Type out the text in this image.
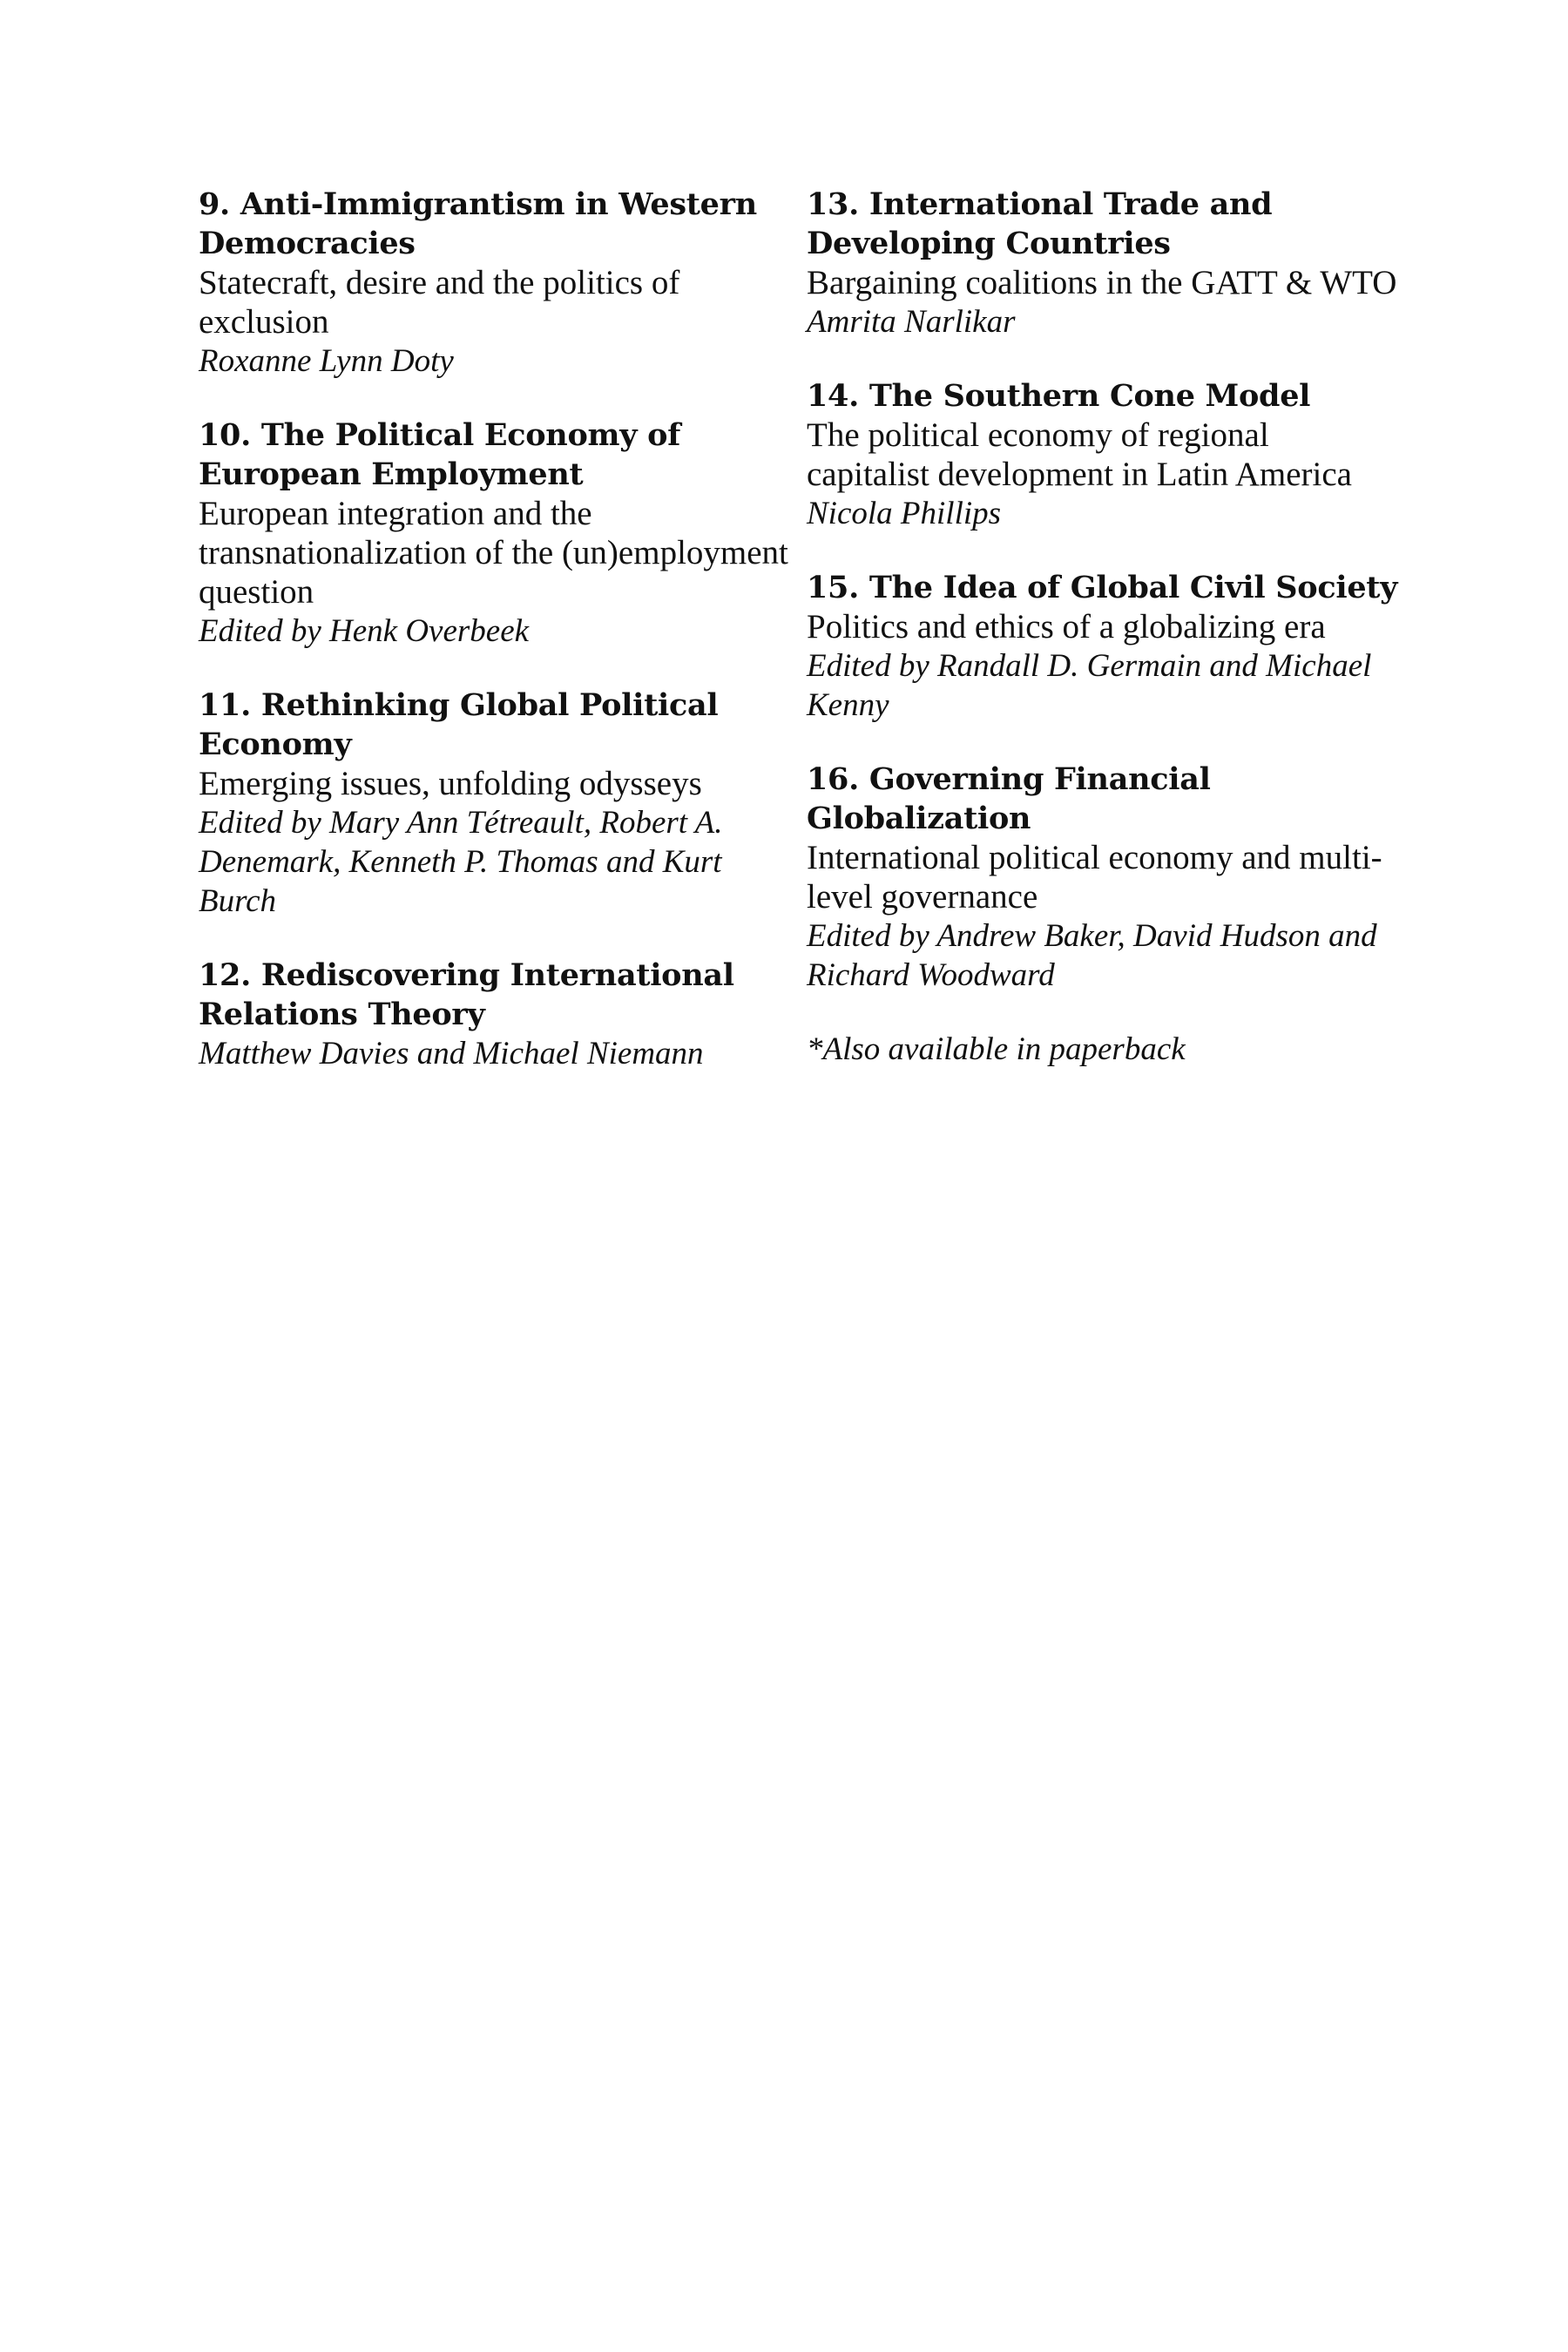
9. Anti-Immigrantism in Western Democracies

Statecraft, desire and the politics of exclusion

Roxanne Lynn Doty

10. The Political Economy of European Employment

European integration and the transnationalization of the (un)employment question

Edited by Henk Overbeek

11. Rethinking Global Political Economy

Emerging issues, unfolding odysseys

Edited by Mary Ann Tétreault, Robert A. Denemark, Kenneth P. Thomas and Kurt Burch

12. Rediscovering International Relations Theory

Matthew Davies and Michael Niemann

13. International Trade and Developing Countries

Bargaining coalitions in the GATT & WTO

Amrita Narlikar

14. The Southern Cone Model

The political economy of regional capitalist development in Latin America

Nicola Phillips

15. The Idea of Global Civil Society

Politics and ethics of a globalizing era

Edited by Randall D. Germain and Michael Kenny

16. Governing Financial Globalization

International political economy and multi-level governance

Edited by Andrew Baker, David Hudson and Richard Woodward

*Also available in paperback
